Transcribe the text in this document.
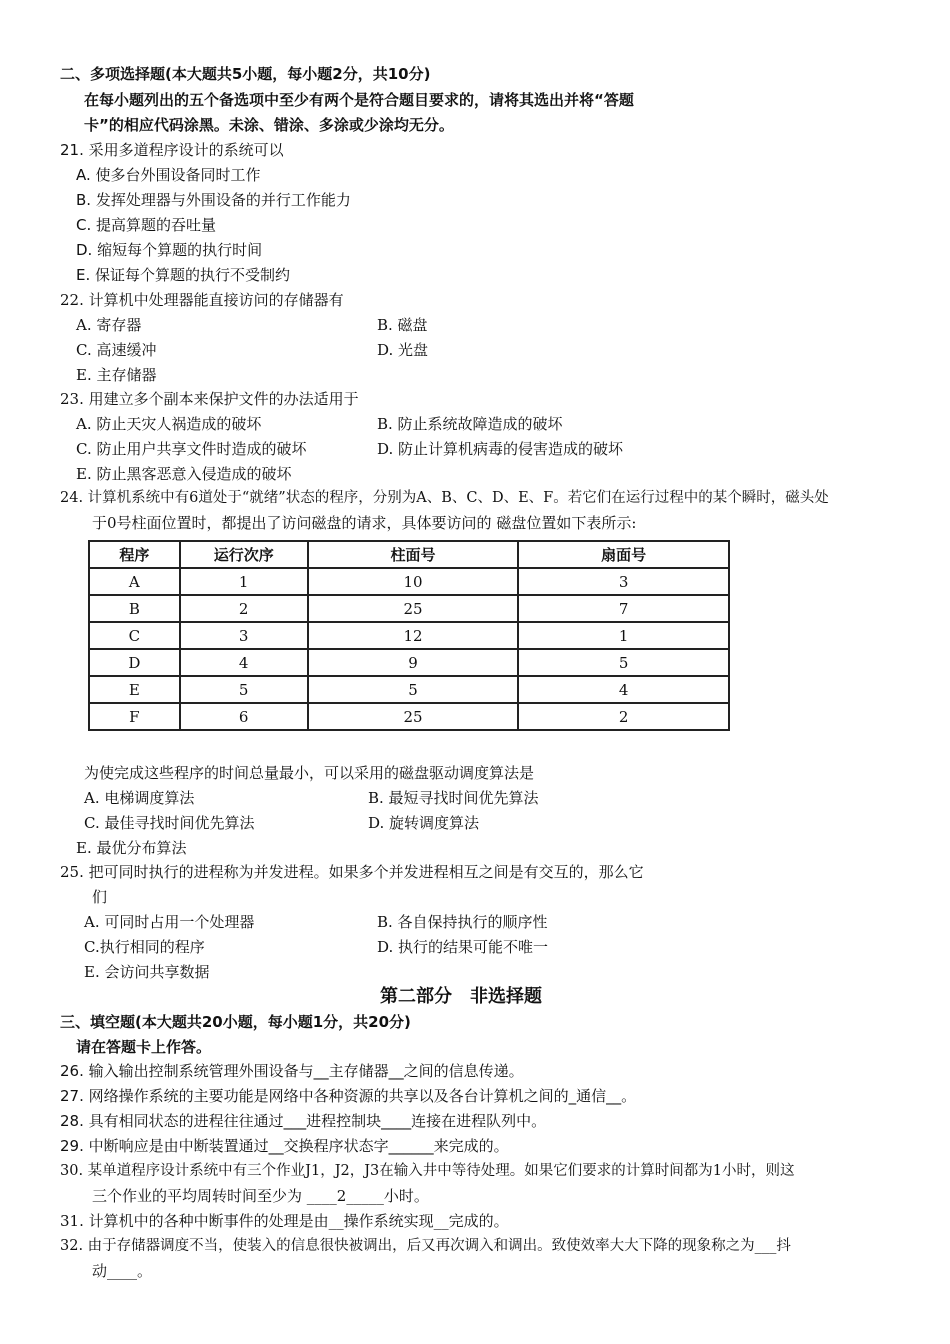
二、多项选择题(本大题共5小题，每小题2分，共10分)
在每小题列出的五个备选项中至少有两个是符合题目要求的，请将其选出并将“答题
卡”的相应代码涂黑。未涂、错涂、多涂或少涂均无分。
21. 采用多道程序设计的系统可以
A. 使多台外围设备同时工作
B. 发挥处理器与外围设备的并行工作能力
C. 提高算题的吞吐量
D. 缩短每个算题的执行时间
E. 保证每个算题的执行不受制约
22. 计算机中处理器能直接访问的存储器有
A. 寄存器	B. 磁盘
C. 高速缓冲	D. 光盘
E. 主存储器
23. 用建立多个副本来保护文件的办法适用于
A. 防止天灾人祸造成的破坏	B. 防止系统故障造成的破坏
C. 防止用户共享文件时造成的破坏	D. 防止计算机病毒的侵害造成的破坏
E. 防止黑客恶意入侵造成的破坏
24. 计算机系统中有6道处于“就绪”状态的程序，分别为A、B、C、D、E、F。若它们在运行过程中的某个瞬时，磁头处
于0号柱面位置时，都提出了访问磁盘的请求，具体要访问的 磁盘位置如下表所示:
程序	运行次序	柱面号	扇面号
A	1	10	3
B	2	25	7
C	3	12	1
D	4	9	5
E	5	5	4
F	6	25	2
为使完成这些程序的时间总量最小，可以采用的磁盘驱动调度算法是
A. 电梯调度算法	B. 最短寻找时间优先算法
C. 最佳寻找时间优先算法	D. 旋转调度算法
E. 最优分布算法
25. 把可同时执行的进程称为并发进程。如果多个并发进程相互之间是有交互的，那么它
们
A. 可同时占用一个处理器	B. 各自保持执行的顺序性
C.执行相同的程序	D. 执行的结果可能不唯一
E. 会访问共享数据
第二部分　非选择题
三、填空题(本大题共20小题，每小题1分，共20分)
请在答题卡上作答。
26. 输入输出控制系统管理外围设备与__主存储器__之间的信息传递。
27. 网络操作系统的主要功能是网络中各种资源的共享以及各台计算机之间的_通信__。
28. 具有相同状态的进程往往通过___进程控制块____连接在进程队列中。
29. 中断响应是由中断装置通过__交换程序状态字______来完成的。
30. 某单道程序设计系统中有三个作业J1，J2，J3在输入井中等待处理。如果它们要求的计算时间都为1小时，则这
三个作业的平均周转时间至少为 ____2_____小时。
31. 计算机中的各种中断事件的处理是由__操作系统实现__完成的。
32. 由于存储器调度不当，使装入的信息很快被调出，后又再次调入和调出。致使效率大大下降的现象称之为___抖
动____。
